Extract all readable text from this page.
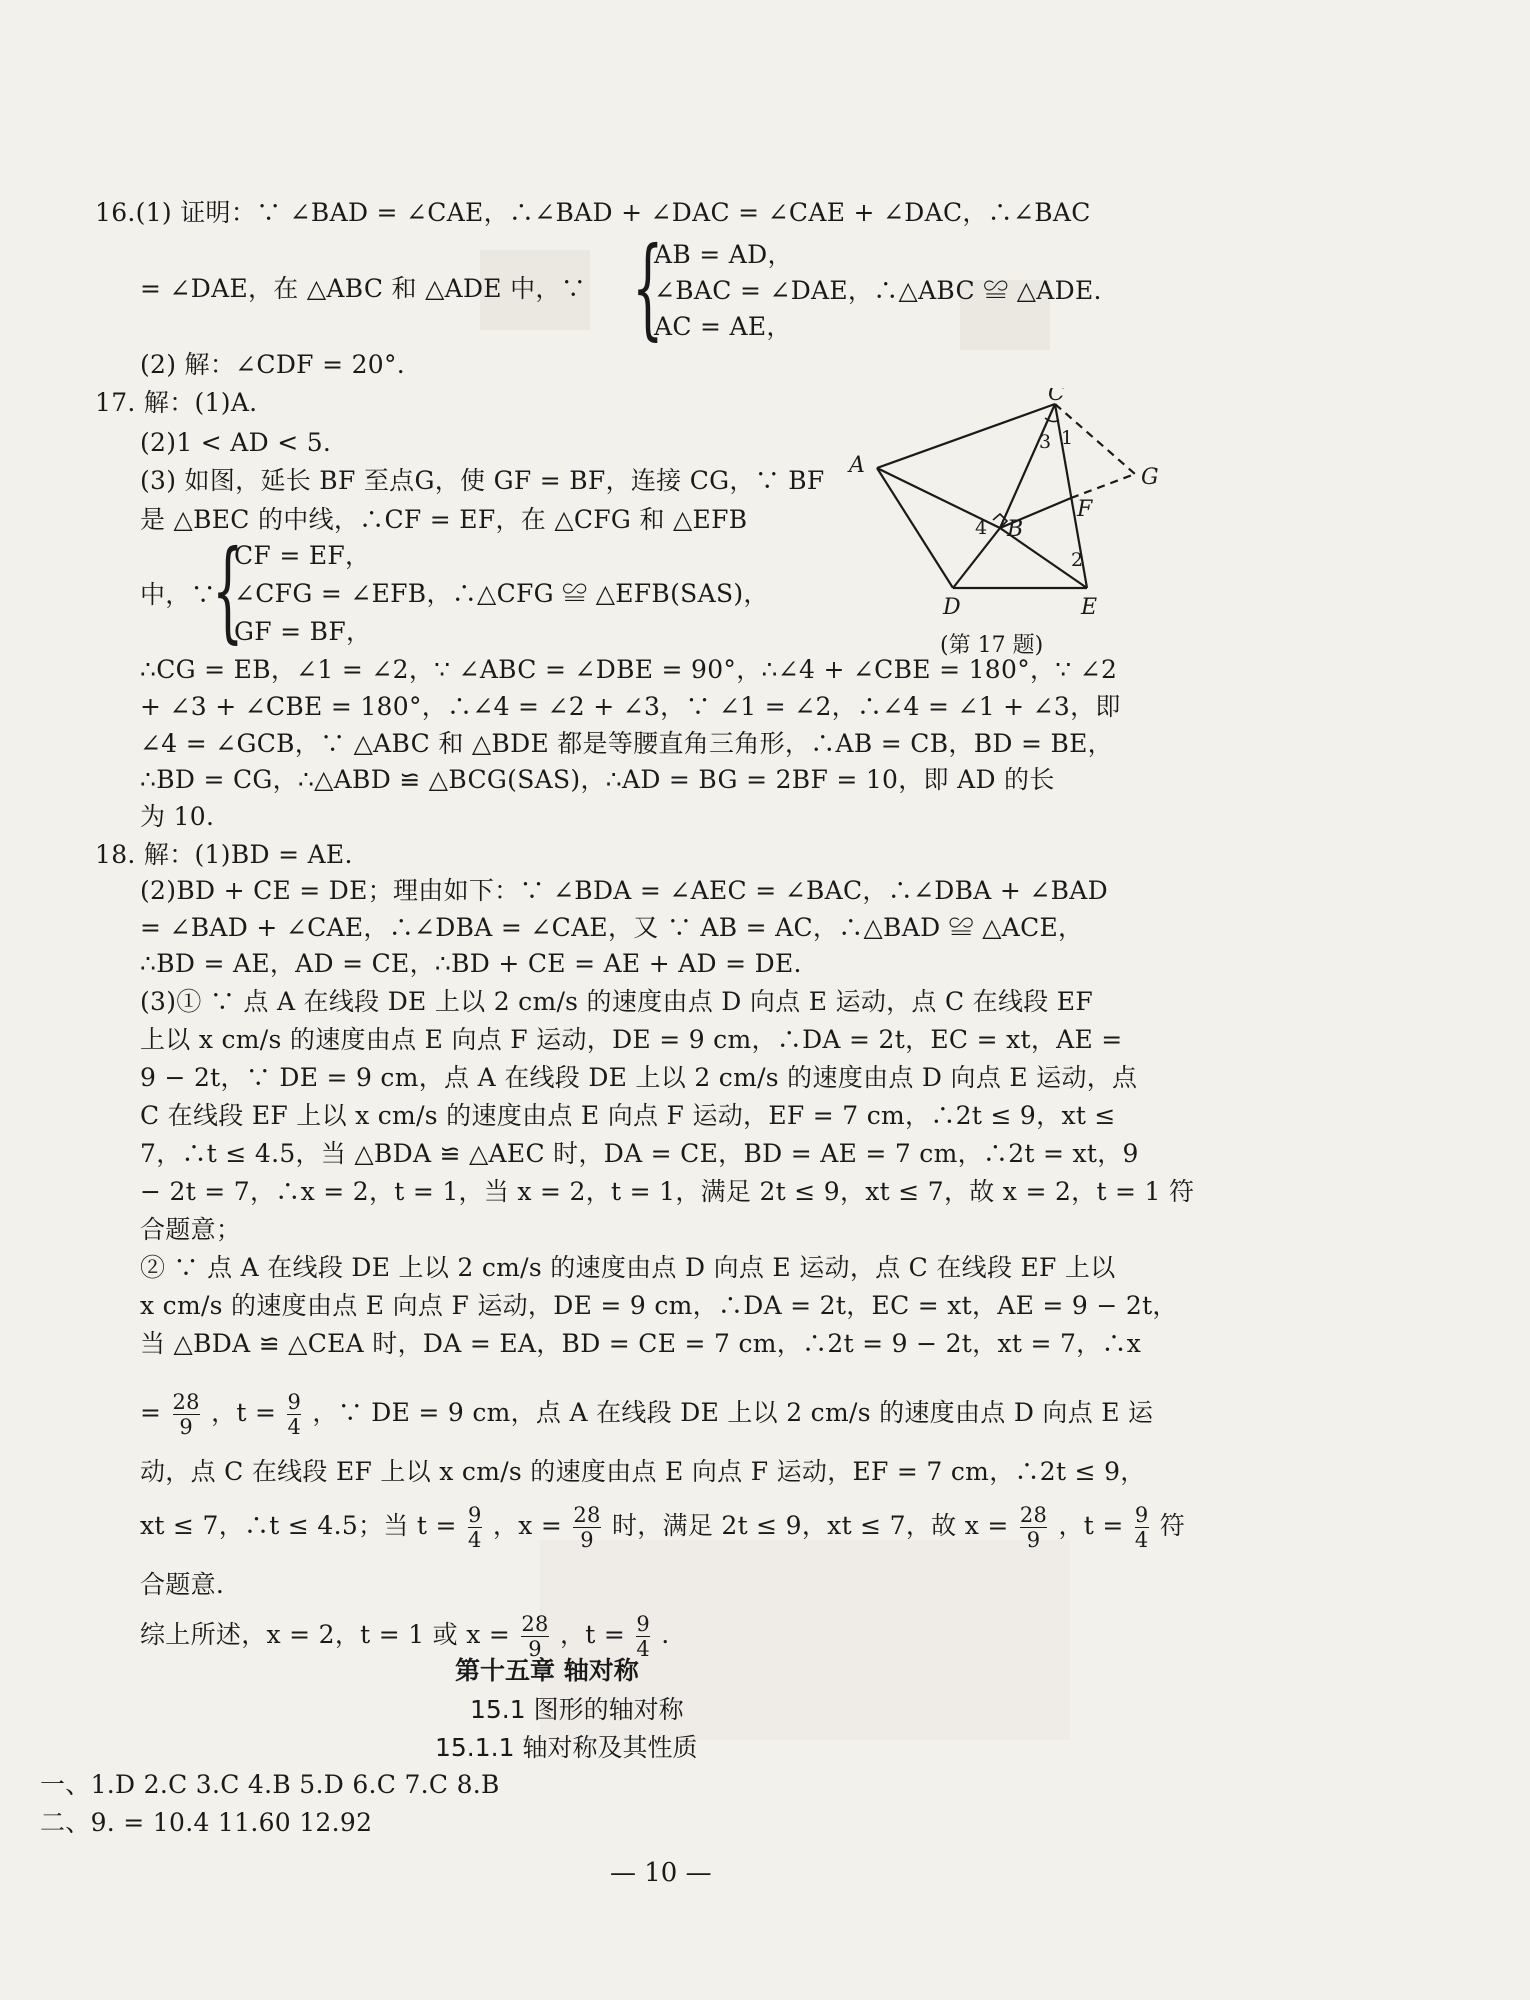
16.(1) 证明：∵ ∠BAD = ∠CAE，∴∠BAD + ∠DAC = ∠CAE + ∠DAC，∴∠BAC
= ∠DAE，在 △ABC 和 △ADE 中，∵ {
AB = AD，
∠BAC = ∠DAE，∴△ABC ≌ △ADE.
AC = AE，
(2) 解：∠CDF = 20°.
17. 解：(1)A.
(2)1 < AD < 5.
(3) 如图，延长 BF 至点G，使 GF = BF，连接 CG，∵ BF
是 △BEC 的中线，∴CF = EF，在 △CFG 和 △EFB
中，∵
{
CF = EF，
∠CFG = ∠EFB，∴△CFG ≌ △EFB(SAS)，
GF = BF，
∴CG = EB，∠1 = ∠2，∵ ∠ABC = ∠DBE = 90°，∴∠4 + ∠CBE = 180°，∵ ∠2
+ ∠3 + ∠CBE = 180°，∴∠4 = ∠2 + ∠3，∵ ∠1 = ∠2，∴∠4 = ∠1 + ∠3，即
∠4 = ∠GCB，∵ △ABC 和 △BDE 都是等腰直角三角形，∴AB = CB，BD = BE，
∴BD = CG，∴△ABD ≌ △BCG(SAS)，∴AD = BG = 2BF = 10，即 AD 的长
为 10.
A
C
B
D	E
F
G
1
2
3
4
(第 17 题)
18. 解：(1)BD = AE.
(2)BD + CE = DE；理由如下：∵ ∠BDA = ∠AEC = ∠BAC，∴∠DBA + ∠BAD
= ∠BAD + ∠CAE，∴∠DBA = ∠CAE，又 ∵ AB = AC，∴△BAD ≌ △ACE，
∴BD = AE，AD = CE，∴BD + CE = AE + AD = DE.
(3)① ∵ 点 A 在线段 DE 上以 2 cm/s 的速度由点 D 向点 E 运动，点 C 在线段 EF
上以 x cm/s 的速度由点 E 向点 F 运动，DE = 9 cm，∴DA = 2t，EC = xt，AE =
9 − 2t，∵ DE = 9 cm，点 A 在线段 DE 上以 2 cm/s 的速度由点 D 向点 E 运动，点
C 在线段 EF 上以 x cm/s 的速度由点 E 向点 F 运动，EF = 7 cm，∴2t ≤ 9，xt ≤
7，∴t ≤ 4.5，当 △BDA ≌ △AEC 时，DA = CE，BD = AE = 7 cm，∴2t = xt，9
− 2t = 7，∴x = 2，t = 1，当 x = 2，t = 1，满足 2t ≤ 9，xt ≤ 7，故 x = 2，t = 1 符
合题意；
② ∵ 点 A 在线段 DE 上以 2 cm/s 的速度由点 D 向点 E 运动，点 C 在线段 EF 上以
x cm/s 的速度由点 E 向点 F 运动，DE = 9 cm，∴DA = 2t，EC = xt，AE = 9 − 2t，
当 △BDA ≌ △CEA 时，DA = EA，BD = CE = 7 cm，∴2t = 9 − 2t，xt = 7，∴x
= $\frac{28}{9}$ ，$t = \frac{9}{4}$ ，∵ DE = 9 cm，点 A 在线段 DE 上以 2 cm/s 的速度由点 D 向点 E 运
动，点 C 在线段 EF 上以 x cm/s 的速度由点 E 向点 F 运动，EF = 7 cm，∴2t ≤ 9，
xt ≤ 7，∴t ≤ 4.5；当 $t = \frac{9}{4}$ ，$x = \frac{28}{9}$ 时，满足 2t ≤ 9，xt ≤ 7，故 $x = \frac{28}{9}$ ，$t = \frac{9}{4}$ 符
合题意.
综上所述，x = 2，t = 1 或 $x = \frac{28}{9}$ ，$t = \frac{9}{4}$ .
第十五章 轴对称
15.1 图形的轴对称
15.1.1 轴对称及其性质
一、1.D 2.C 3.C 4.B 5.D 6.C 7.C 8.B
二、9. = 10.4 11.60 12.92
— 10 —
